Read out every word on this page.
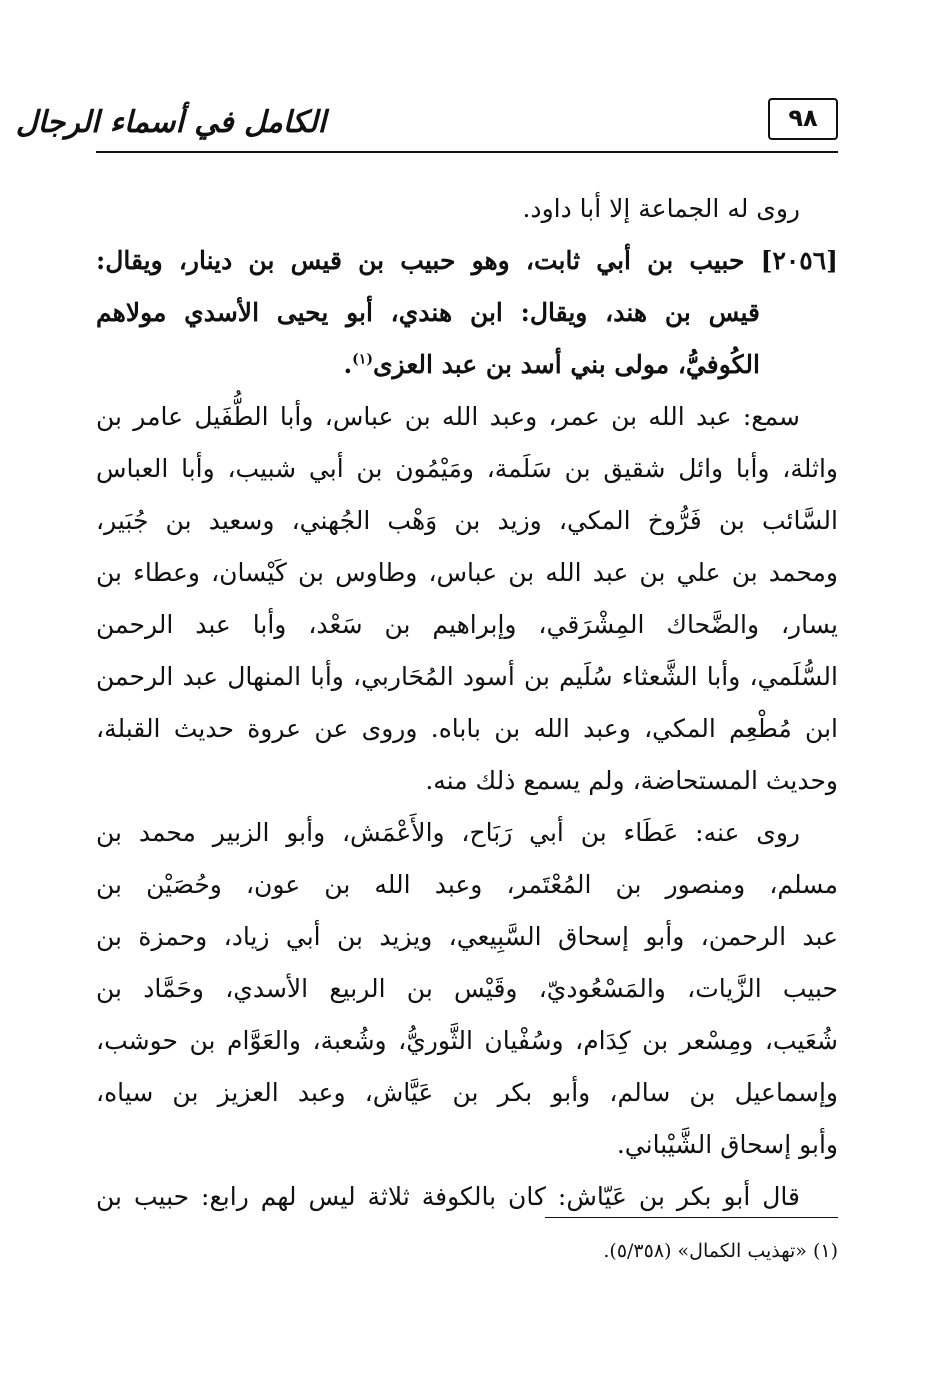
الكامل في أسماء الرجال	٩٨
روى له الجماعة إلا أبا داود.
[٢٠٥٦] حبيب بن أبي ثابت، وهو حبيب بن قيس بن دينار، ويقال:
قيس بن هند، ويقال: ابن هندي، أبو يحيى الأسدي مولاهم
الكُوفيُّ، مولى بني أسد بن عبد العزى$^{(١)}$.
سمع: عبد الله بن عمر، وعبد الله بن عباس، وأبا الطُّفَيل عامر بن
واثلة، وأبا وائل شقيق بن سَلَمة، ومَيْمُون بن أبي شبيب، وأبا العباس
السَّائب بن فَرُّوخ المكي، وزيد بن وَهْب الجُهني، وسعيد بن جُبَير،
ومحمد بن علي بن عبد الله بن عباس، وطاوس بن كَيْسان، وعطاء بن
يسار، والضَّحاك المِشْرَقي، وإبراهيم بن سَعْد، وأبا عبد الرحمن
السُّلَمي، وأبا الشَّعثاء سُلَيم بن أسود المُحَاربي، وأبا المنهال عبد الرحمن
ابن مُطْعِم المكي، وعبد الله بن باباه. وروى عن عروة حديث القبلة،
وحديث المستحاضة، ولم يسمع ذلك منه.
روى عنه: عَطَاء بن أبي رَبَاح، والأَعْمَش، وأبو الزبير محمد بن
مسلم، ومنصور بن المُعْتَمر، وعبد الله بن عون، وحُصَيْن بن
عبد الرحمن، وأبو إسحاق السَّبِيعي، ويزيد بن أبي زياد، وحمزة بن
حبيب الزَّيات، والمَسْعُوديّ، وقَيْس بن الربيع الأسدي، وحَمَّاد بن
شُعَيب، ومِسْعر بن كِدَام، وسُفْيان الثَّوريُّ، وشُعبة، والعَوَّام بن حوشب،
وإسماعيل بن سالم، وأبو بكر بن عَيَّاش، وعبد العزيز بن سياه،
وأبو إسحاق الشَّيْباني.
قال أبو بكر بن عَيّاش: كان بالكوفة ثلاثة ليس لهم رابع: حبيب بن
(١) «تهذيب الكمال» (٥/٣٥٨).
